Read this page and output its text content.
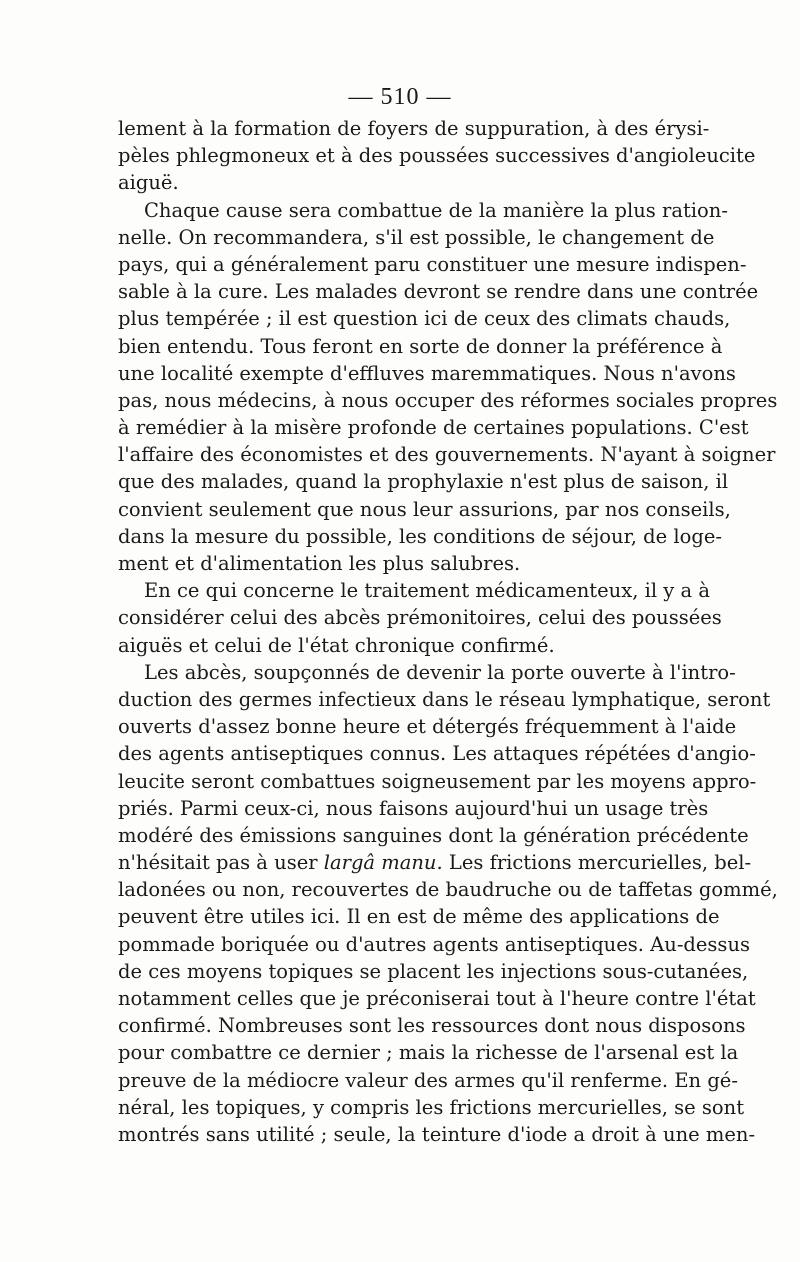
— 510 —
lement à la formation de foyers de suppuration, à des érysi-
pèles phlegmoneux et à des poussées successives d'angioleucite
aiguë.
Chaque cause sera combattue de la manière la plus ration-
nelle. On recommandera, s'il est possible, le changement de
pays, qui a généralement paru constituer une mesure indispen-
sable à la cure. Les malades devront se rendre dans une contrée
plus tempérée ; il est question ici de ceux des climats chauds,
bien entendu. Tous feront en sorte de donner la préférence à
une localité exempte d'effluves maremmatiques. Nous n'avons
pas, nous médecins, à nous occuper des réformes sociales propres
à remédier à la misère profonde de certaines populations. C'est
l'affaire des économistes et des gouvernements. N'ayant à soigner
que des malades, quand la prophylaxie n'est plus de saison, il
convient seulement que nous leur assurions, par nos conseils,
dans la mesure du possible, les conditions de séjour, de loge-
ment et d'alimentation les plus salubres.
En ce qui concerne le traitement médicamenteux, il y a à
considérer celui des abcès prémonitoires, celui des poussées
aiguës et celui de l'état chronique confirmé.
Les abcès, soupçonnés de devenir la porte ouverte à l'intro-
duction des germes infectieux dans le réseau lymphatique, seront
ouverts d'assez bonne heure et détergés fréquemment à l'aide
des agents antiseptiques connus. Les attaques répétées d'angio-
leucite seront combattues soigneusement par les moyens appro-
priés. Parmi ceux-ci, nous faisons aujourd'hui un usage très
modéré des émissions sanguines dont la génération précédente
n'hésitait pas à user largâ manu. Les frictions mercurielles, bel-
ladonées ou non, recouvertes de baudruche ou de taffetas gommé,
peuvent être utiles ici. Il en est de même des applications de
pommade boriquée ou d'autres agents antiseptiques. Au-dessus
de ces moyens topiques se placent les injections sous-cutanées,
notamment celles que je préconiserai tout à l'heure contre l'état
confirmé. Nombreuses sont les ressources dont nous disposons
pour combattre ce dernier ; mais la richesse de l'arsenal est la
preuve de la médiocre valeur des armes qu'il renferme. En gé-
néral, les topiques, y compris les frictions mercurielles, se sont
montrés sans utilité ; seule, la teinture d'iode a droit à une men-
